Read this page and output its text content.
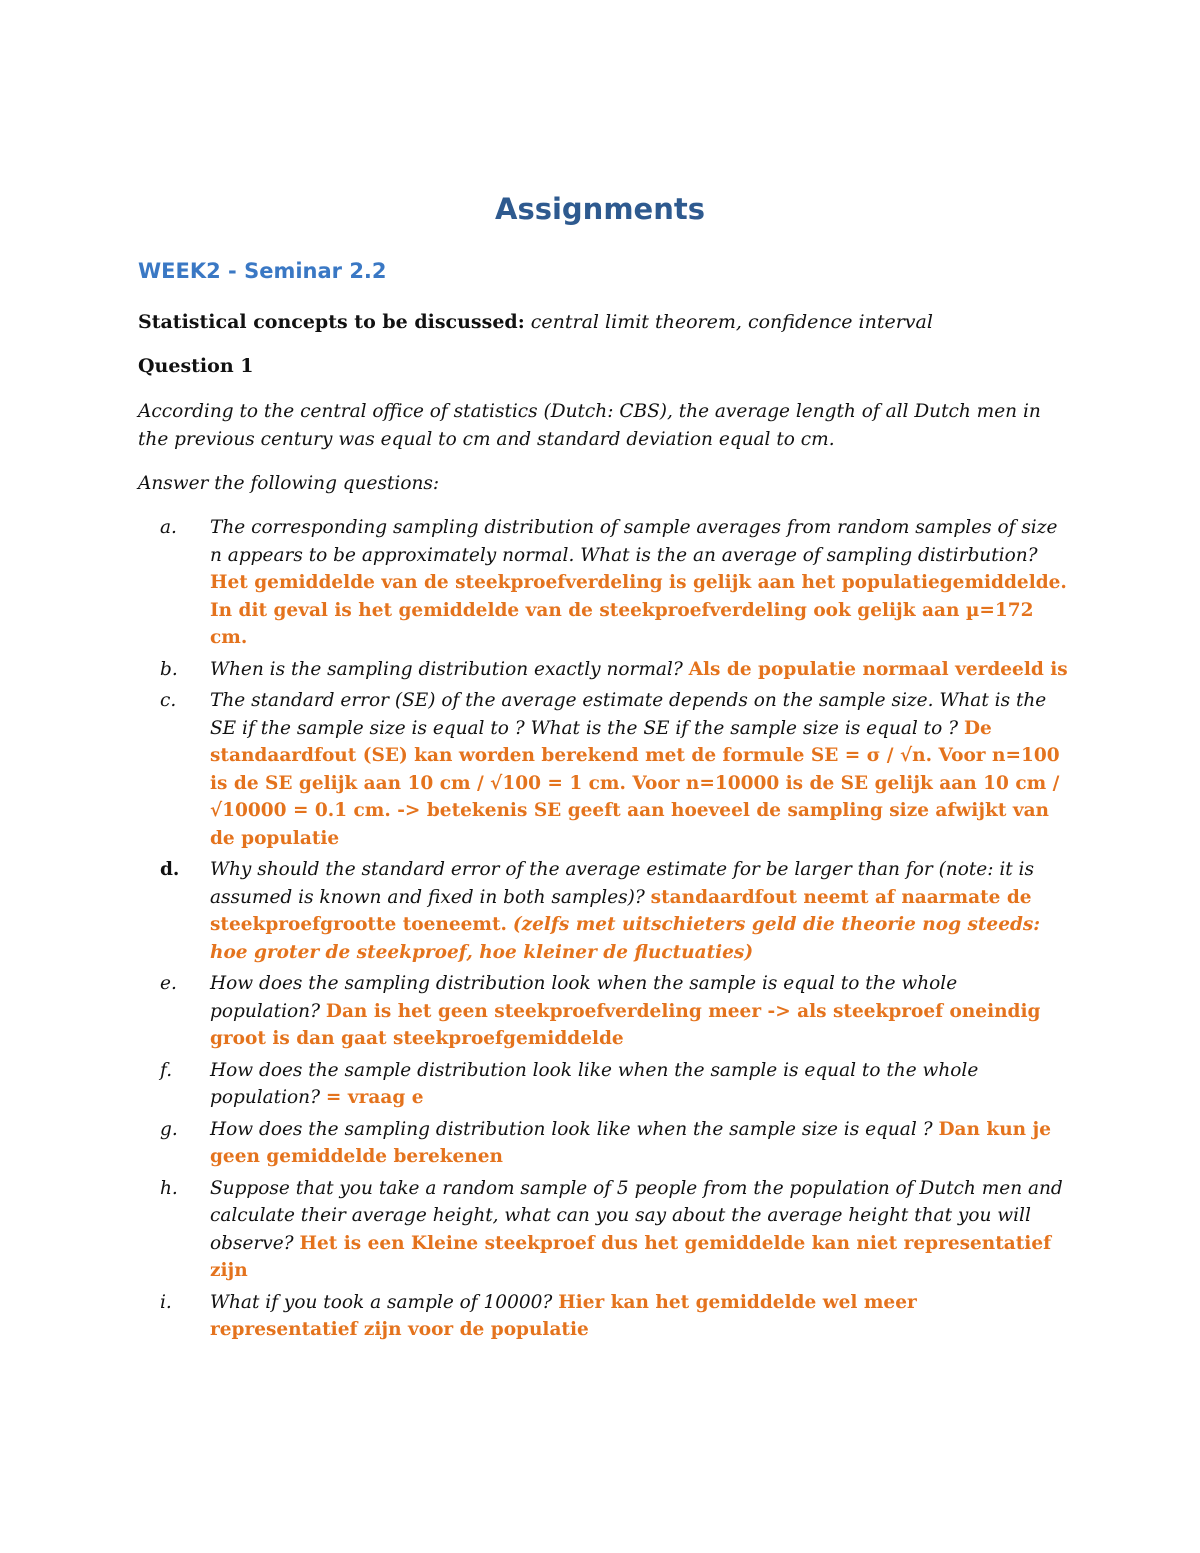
Assignments
WEEK2 - Seminar 2.2

Statistical concepts to be discussed: central limit theorem, confidence interval

Question 1

According to the central office of statistics (Dutch: CBS), the average length of all Dutch men in the previous century was equal to cm and standard deviation equal to cm.

Answer the following questions:

a. The corresponding sampling distribution of sample averages from random samples of size n appears to be approximately normal. What is the an average of sampling distirbution? Het gemiddelde van de steekproefverdeling is gelijk aan het populatiegemiddelde. In dit geval is het gemiddelde van de steekproefverdeling ook gelijk aan µ=172 cm.
b. When is the sampling distribution exactly normal? Als de populatie normaal verdeeld is
c. The standard error (SE) of the average estimate depends on the sample size. What is the SE if the sample size is equal to ? What is the SE if the sample size is equal to ? De standaardfout (SE) kan worden berekend met de formule SE = σ / √n. Voor n=100 is de SE gelijk aan 10 cm / √100 = 1 cm. Voor n=10000 is de SE gelijk aan 10 cm / √10000 = 0.1 cm. -> betekenis SE geeft aan hoeveel de sampling size afwijkt van de populatie
d. Why should the standard error of the average estimate for be larger than for (note: it is assumed is known and fixed in both samples)? standaardfout neemt af naarmate de steekproefgrootte toeneemt. (zelfs met uitschieters geld die theorie nog steeds: hoe groter de steekproef, hoe kleiner de fluctuaties)
e. How does the sampling distribution look when the sample is equal to the whole population? Dan is het geen steekproefverdeling meer -> als steekproef oneindig groot is dan gaat steekproefgemiddelde
f. How does the sample distribution look like when the sample is equal to the whole population? = vraag e
g. How does the sampling distribution look like when the sample size is equal ? Dan kun je geen gemiddelde berekenen
h. Suppose that you take a random sample of 5 people from the population of Dutch men and calculate their average height, what can you say about the average height that you will observe? Het is een Kleine steekproef dus het gemiddelde kan niet representatief zijn
i. What if you took a sample of 10000? Hier kan het gemiddelde wel meer representatief zijn voor de populatie
